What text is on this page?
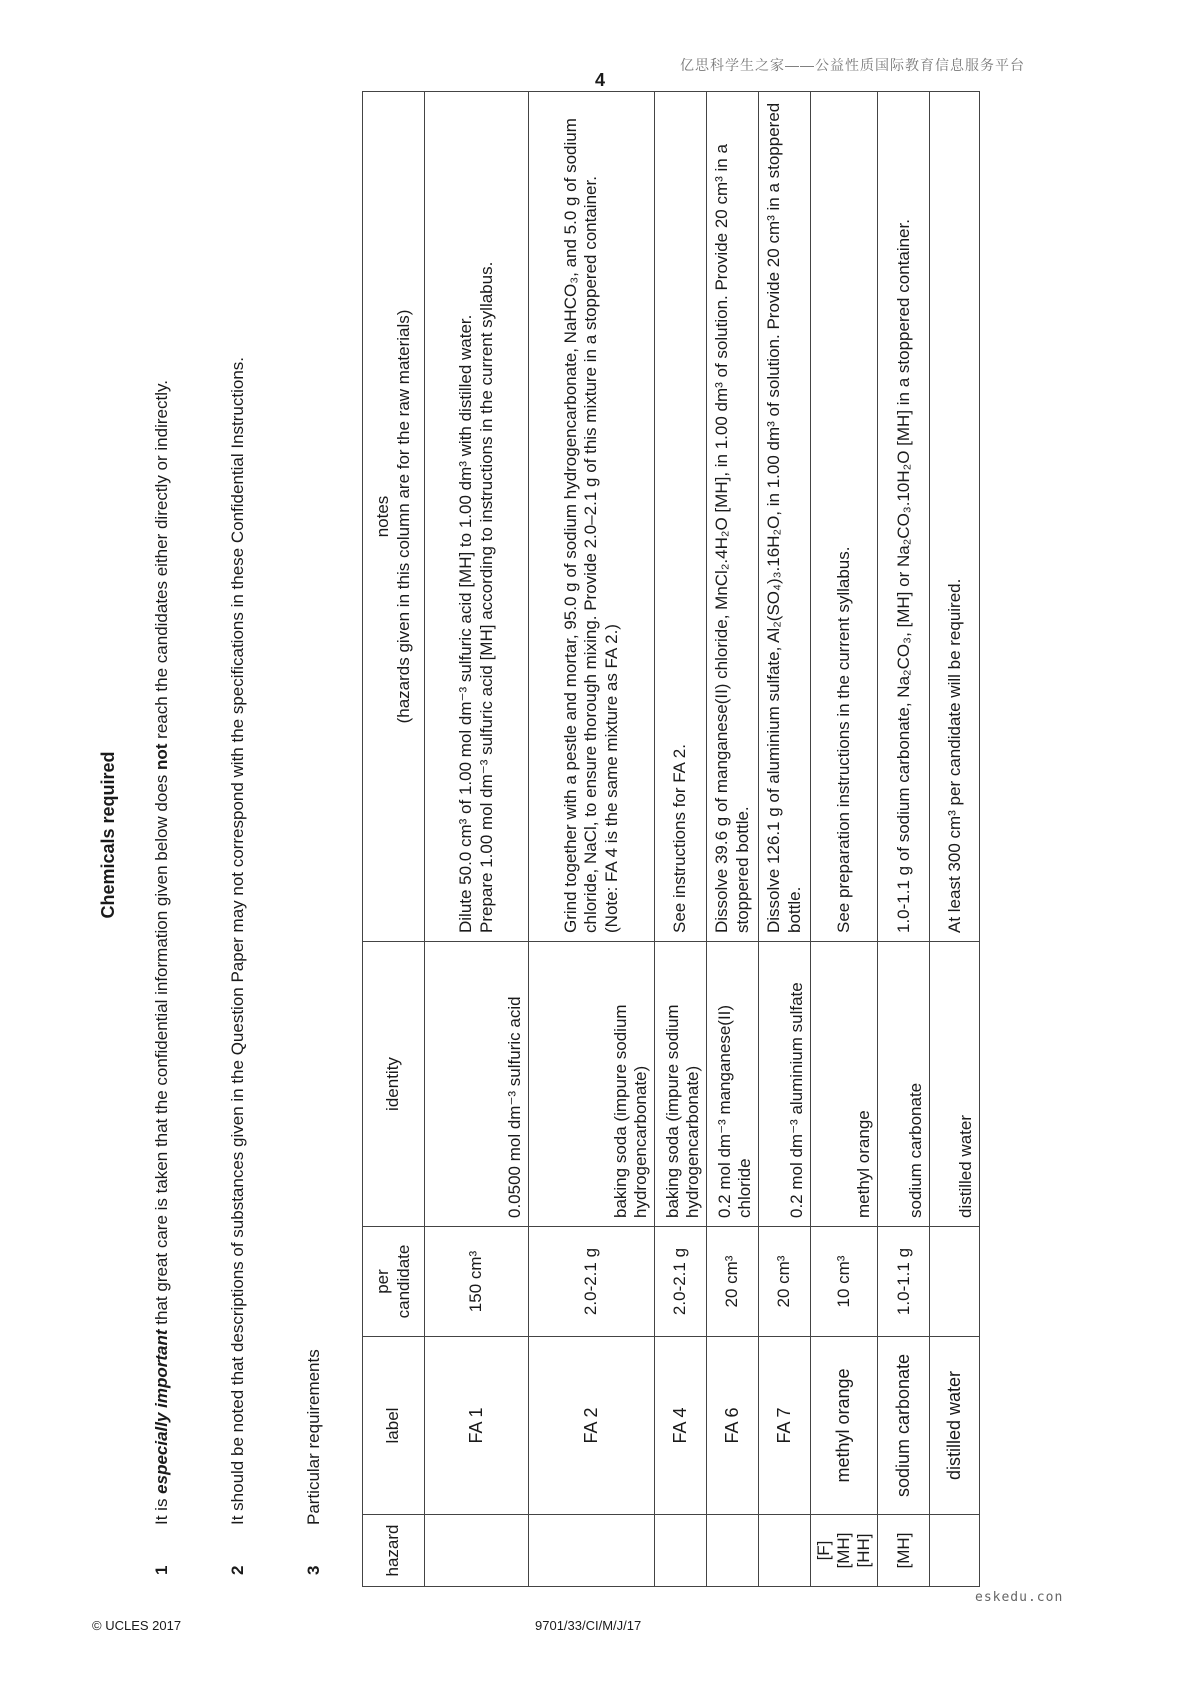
亿思科学生之家——公益性质国际教育信息服务平台
4
Chemicals required
1
It is especially important that great care is taken that the confidential information given below does not reach the candidates either directly or indirectly.
2
It should be noted that descriptions of substances given in the Question Paper may not correspond with the specifications in these Confidential Instructions.
3
Particular requirements
hazard	label	per candidate	identity	notes (hazards given in this column are for the raw materials)

	FA 1	150 cm³	0.0500 mol dm⁻³ sulfuric acid	Dilute 50.0 cm³ of 1.00 mol dm⁻³ sulfuric acid [MH] to 1.00 dm³ with distilled water. Prepare 1.00 mol dm⁻³ sulfuric acid [MH] according to instructions in the current syllabus.

	FA 2	2.0-2.1 g	baking soda (impure sodium hydrogencarbonate)	Grind together with a pestle and mortar, 95.0 g of sodium hydrogencarbonate, NaHCO₃, and 5.0 g of sodium chloride, NaCl, to ensure thorough mixing. Provide 2.0–2.1 g of this mixture in a stoppered container. (Note: FA 4 is the same mixture as FA 2.)

	FA 4	2.0-2.1 g	baking soda (impure sodium hydrogencarbonate)	See instructions for FA 2.

	FA 6	20 cm³	0.2 mol dm⁻³ manganese(II) chloride	Dissolve 39.6 g of manganese(II) chloride, MnCl₂.4H₂O [MH], in 1.00 dm³ of solution. Provide 20 cm³ in a stoppered bottle.

	FA 7	20 cm³	0.2 mol dm⁻³ aluminium sulfate	Dissolve 126.1 g of aluminium sulfate, Al₂(SO₄)₃.16H₂O, in 1.00 dm³ of solution. Provide 20 cm³ in a stoppered bottle.

[F] [MH] [HH]	methyl orange	10 cm³	methyl orange	See preparation instructions in the current syllabus.

[MH]	sodium carbonate	1.0-1.1 g	sodium carbonate	1.0-1.1 g of sodium carbonate, Na₂CO₃, [MH] or Na₂CO₃.10H₂O [MH] in a stoppered container.

	distilled water		distilled water	At least 300 cm³ per candidate will be required.
eskedu.con
© UCLES 2017	9701/33/CI/M/J/17
